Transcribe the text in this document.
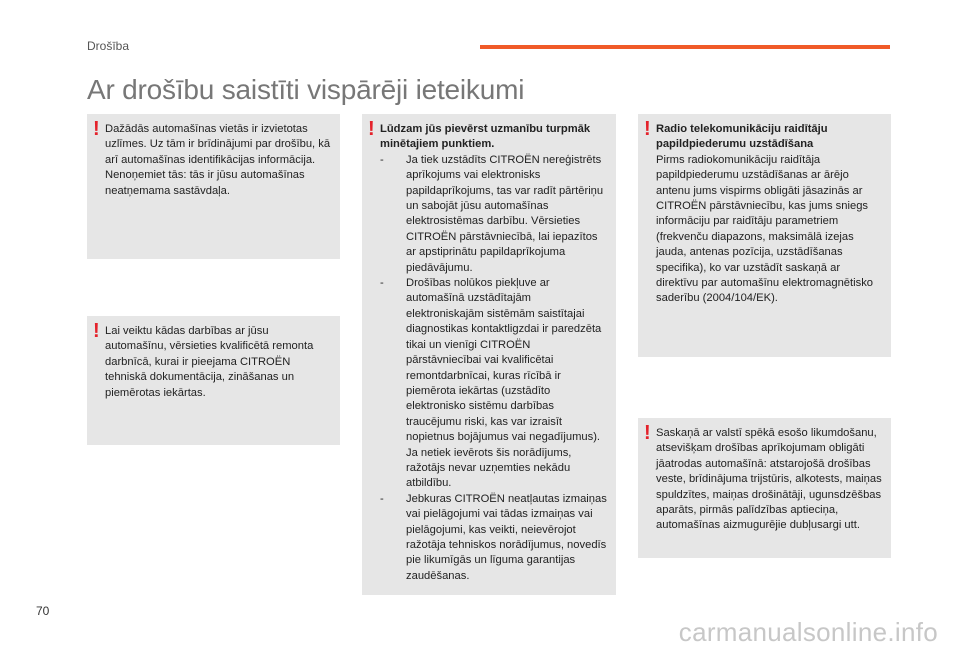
Drošība
Ar drošību saistīti vispārēji ieteikumi
! Dažādās automašīnas vietās ir izvietotas uzlīmes. Uz tām ir brīdinājumi par drošību, kā arī automašīnas identifikācijas informācija. Nenoņemiet tās: tās ir jūsu automašīnas neatņemama sastāvdaļa.

! Lai veiktu kādas darbības ar jūsu automašīnu, vērsieties kvalificētā remonta darbnīcā, kurai ir pieejama CITROËN tehniskā dokumentācija, zināšanas un piemērotas iekārtas.

! Lūdzam jūs pievērst uzmanību turpmāk minētajiem punktiem.

-	Ja tiek uzstādīts CITROËN nereģistrēts aprīkojums vai elektronisks papildaprīkojums, tas var radīt pārtēriņu un sabojāt jūsu automašīnas elektrosistēmas darbību. Vērsieties CITROËN pārstāvniecībā, lai iepazītos ar apstiprinātu papildaprīkojuma piedāvājumu.
-	Drošības nolūkos piekļuve ar automašīnā uzstādītajām elektroniskajām sistēmām saistītajai diagnostikas kontaktligzdai ir paredzēta tikai un vienīgi CITROËN pārstāvniecībai vai kvalificētai remontdarbnīcai, kuras rīcībā ir piemērota iekārtas (uzstādīto elektronisko sistēmu darbības traucējumu riski, kas var izraisīt nopietnus bojājumus vai negadījumus). Ja netiek ievērots šis norādījums, ražotājs nevar uzņemties nekādu atbildību.
-	Jebkuras CITROËN neatļautas izmaiņas vai pielāgojumi vai tādas izmaiņas vai pielāgojumi, kas veikti, neievērojot ražotāja tehniskos norādījumus, novedīs pie likumīgās un līguma garantijas zaudēšanas.
! Radio telekomunikāciju raidītāju papildpiederumu uzstādīšana

Pirms radiokomunikāciju raidītāja papildpiederumu uzstādīšanas ar ārējo antenu jums vispirms obligāti jāsazinās ar CITROËN pārstāvniecību, kas jums sniegs informāciju par raidītāju parametriem (frekvenču diapazons, maksimālā izejas jauda, antenas pozīcija, uzstādīšanas specifika), ko var uzstādīt saskaņā ar direktīvu par automašīnu elektromagnētisko saderību (2004/104/EK).

! Saskaņā ar valstī spēkā esošo likumdošanu, atsevišķam drošības aprīkojumam obligāti jāatrodas automašīnā: atstarojošā drošības veste, brīdinājuma trijstūris, alkotests, maiņas spuldzītes, maiņas drošinātāji, ugunsdzēšbas aparāts, pirmās palīdzības aptieciņa, automašīnas aizmugurējie dubļusargi utt.

70
carmanualsonline.info
